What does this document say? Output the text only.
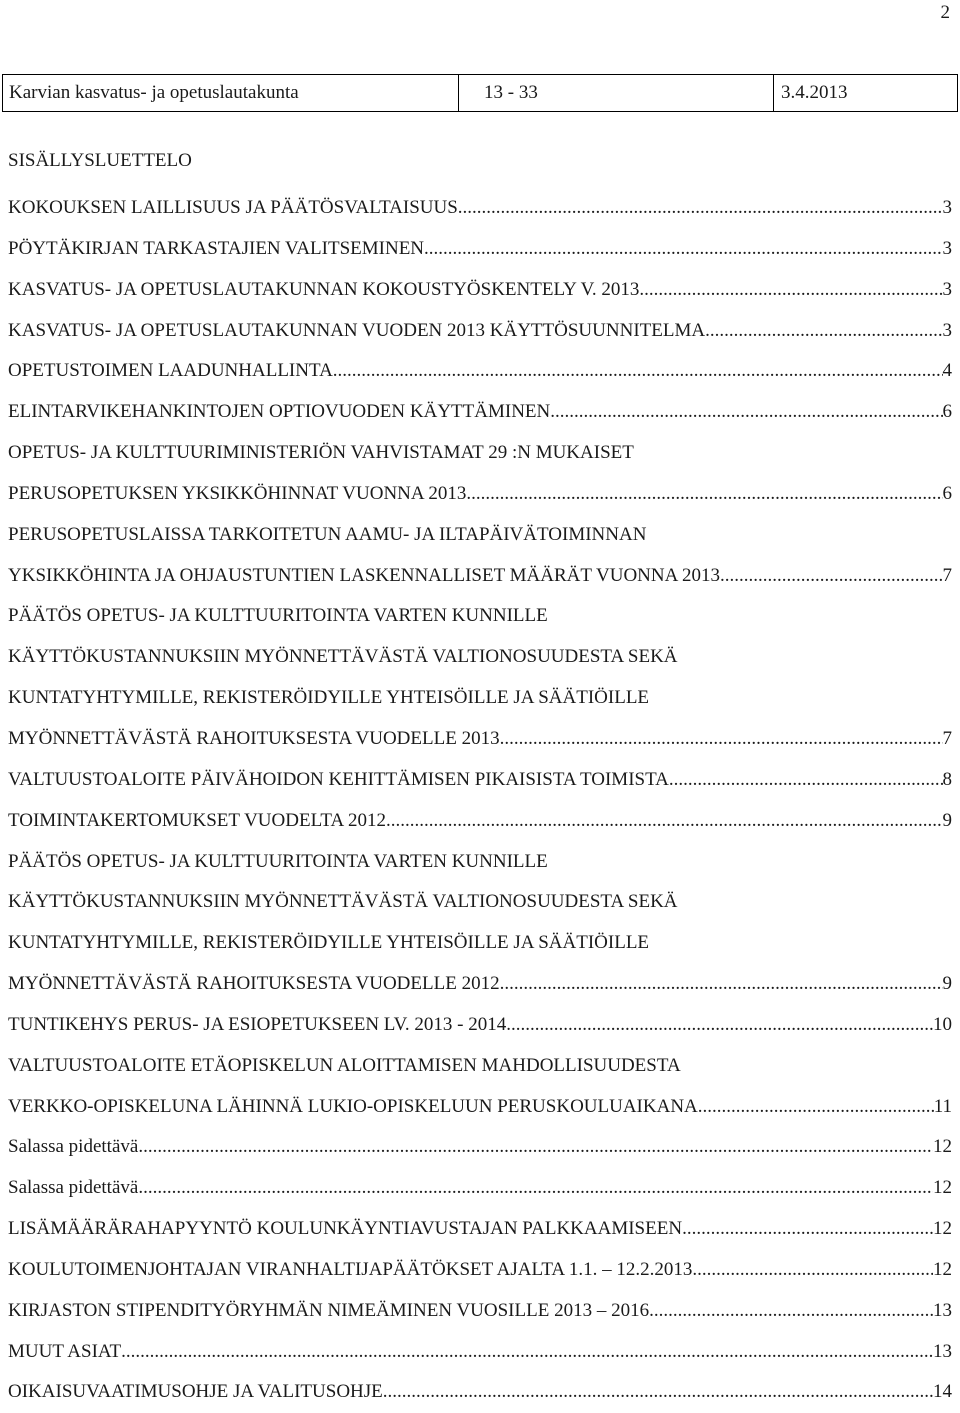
2
Karvian kasvatus- ja opetuslautakunta	13 - 33	3.4.2013
SISÄLLYSLUETTELO
KOKOUKSEN LAILLISUUS JA PÄÄTÖSVALTAISUUS .....	3
PÖYTÄKIRJAN TARKASTAJIEN VALITSEMINEN .....	3
KASVATUS- JA OPETUSLAUTAKUNNAN KOKOUSTYÖSKENTELY V. 2013 .....	3
KASVATUS- JA OPETUSLAUTAKUNNAN VUODEN 2013 KÄYTTÖSUUNNITELMA .....	3
OPETUSTOIMEN LAADUNHALLINTA .....	4
ELINTARVIKEHANKINTOJEN OPTIOVUODEN KÄYTTÄMINEN .....	6
OPETUS- JA KULTTUURIMINISTERIÖN VAHVISTAMAT 29 :N MUKAISET
PERUSOPETUKSEN YKSIKKÖHINNAT VUONNA 2013 .....	6
PERUSOPETUSLAISSA TARKOITETUN AAMU- JA ILTAPÄIVÄTOIMINNAN
YKSIKKÖHINTA JA OHJAUSTUNTIEN LASKENNALLISET MÄÄRÄT VUONNA 2013 .....	7
PÄÄTÖS OPETUS- JA KULTTUURITOINTA VARTEN KUNNILLE
KÄYTTÖKUSTANNUKSIIN MYÖNNETTÄVÄSTÄ VALTIONOSUUDESTA SEKÄ
KUNTATYHTYMILLE, REKISTERÖIDYILLE YHTEISÖILLE JA SÄÄTIÖILLE
MYÖNNETTÄVÄSTÄ RAHOITUKSESTA VUODELLE 2013 .....	7
VALTUUSTOALOITE PÄIVÄHOIDON KEHITTÄMISEN PIKAISISTA TOIMISTA .....	8
TOIMINTAKERTOMUKSET VUODELTA 2012 .....	9
PÄÄTÖS OPETUS- JA KULTTUURITOINTA VARTEN KUNNILLE
KÄYTTÖKUSTANNUKSIIN MYÖNNETTÄVÄSTÄ VALTIONOSUUDESTA SEKÄ
KUNTATYHTYMILLE, REKISTERÖIDYILLE YHTEISÖILLE JA SÄÄTIÖILLE
MYÖNNETTÄVÄSTÄ RAHOITUKSESTA VUODELLE 2012 .....	9
TUNTIKEHYS PERUS- JA ESIOPETUKSEEN LV. 2013 - 2014 .....	10
VALTUUSTOALOITE ETÄOPISKELUN ALOITTAMISEN MAHDOLLISUUDESTA
VERKKO-OPISKELUNA LÄHINNÄ LUKIO-OPISKELUUN PERUSKOULUAIKANA .....	11
Salassa pidettävä .....	12
Salassa pidettävä .....	12
LISÄMÄÄRÄRAHAPYYNTÖ KOULUNKÄYNTIAVUSTAJAN PALKKAAMISEEN .....	12
KOULUTOIMENJOHTAJAN VIRANHALTIJAPÄÄTÖKSET AJALTA 1.1. – 12.2.2013 .....	12
KIRJASTON STIPENDITYÖRYHMÄN NIMEÄMINEN VUOSILLE 2013 – 2016 .....	13
MUUT ASIAT .....	13
OIKAISUVAATIMUSOHJE JA VALITUSOHJE .....	14
